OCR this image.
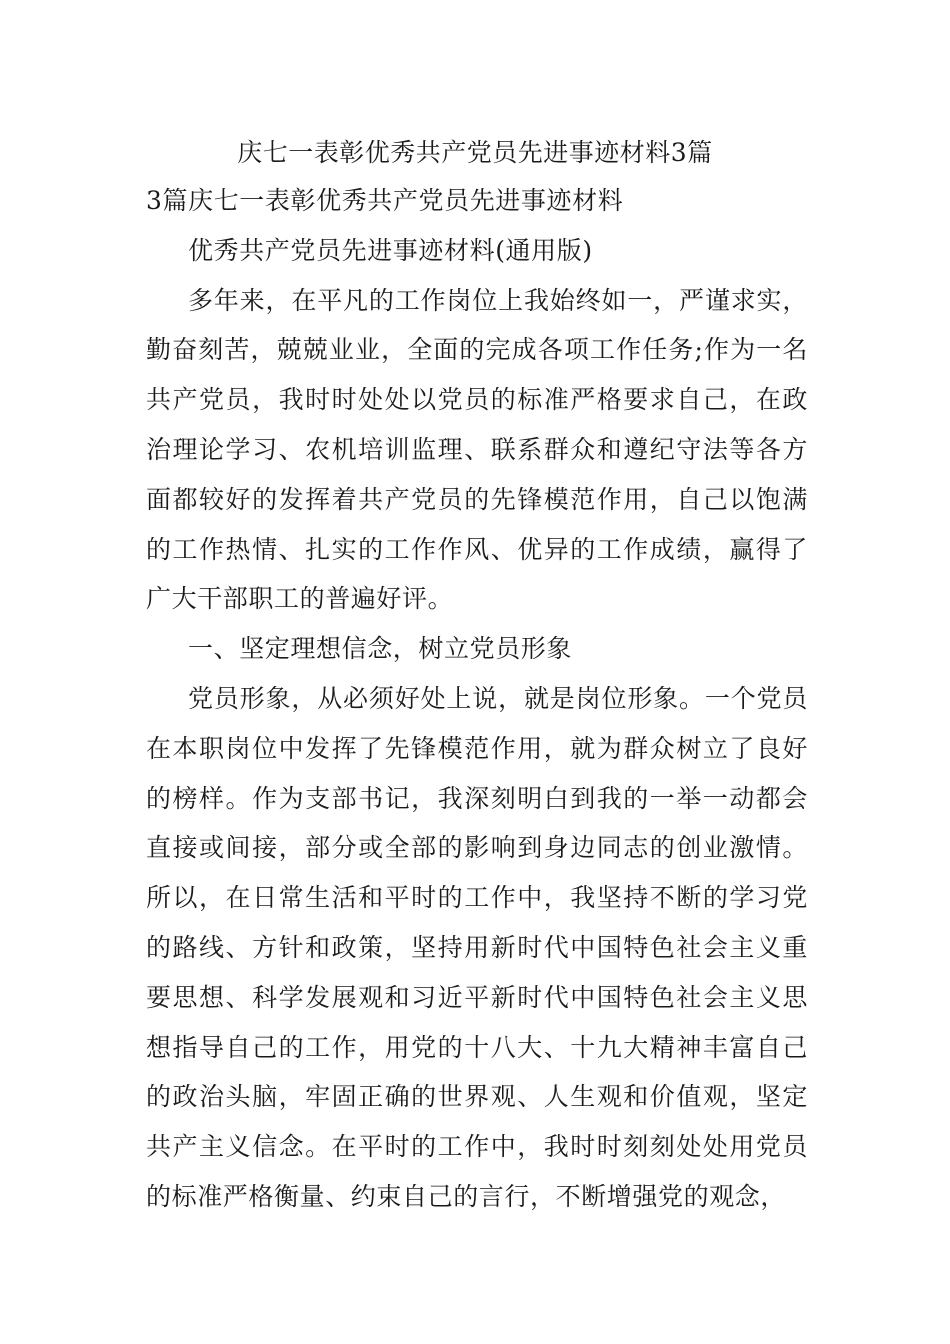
庆七一表彰优秀共产党员先进事迹材料3篇

3篇庆七一表彰优秀共产党员先进事迹材料

优秀共产党员先进事迹材料(通用版)

多年来，在平凡的工作岗位上我始终如一，严谨求实，勤奋刻苦，兢兢业业，全面的完成各项工作任务;作为一名共产党员，我时时处处以党员的标准严格要求自己，在政治理论学习、农机培训监理、联系群众和遵纪守法等各方面都较好的发挥着共产党员的先锋模范作用，自己以饱满的工作热情、扎实的工作作风、优异的工作成绩，赢得了广大干部职工的普遍好评。

一、坚定理想信念，树立党员形象

党员形象，从必须好处上说，就是岗位形象。一个党员在本职岗位中发挥了先锋模范作用，就为群众树立了良好的榜样。作为支部书记，我深刻明白到我的一举一动都会直接或间接，部分或全部的影响到身边同志的创业激情。所以，在日常生活和平时的工作中，我坚持不断的学习党的路线、方针和政策，坚持用新时代中国特色社会主义重要思想、科学发展观和习近平新时代中国特色社会主义思想指导自己的工作，用党的十八大、十九大精神丰富自己的政治头脑，牢固正确的世界观、人生观和价值观，坚定共产主义信念。在平时的工作中，我时时刻刻处处用党员的标准严格衡量、约束自己的言行，不断增强党的观念，
